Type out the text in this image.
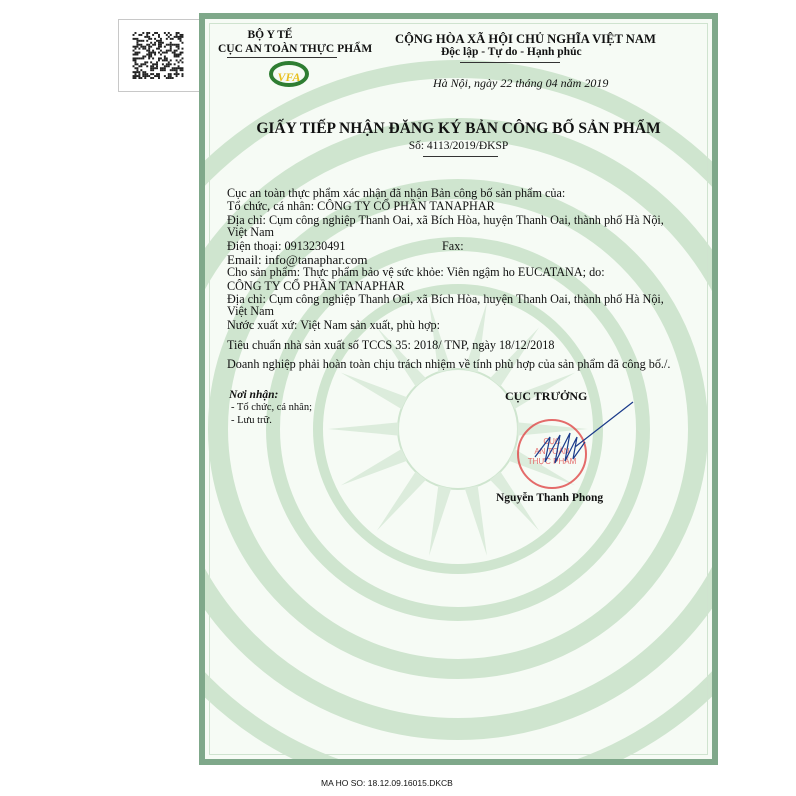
BỘ Y TẾ
CỤC AN TOÀN THỰC PHẨM
VFA
CỘNG HÒA XÃ HỘI CHỦ NGHĨA VIỆT NAM
Độc lập - Tự do - Hạnh phúc
Hà Nội, ngày 22 tháng 04 năm 2019
GIẤY TIẾP NHẬN ĐĂNG KÝ BẢN CÔNG BỐ SẢN PHẨM
Số: 4113/2019/ĐKSP
Cục an toàn thực phẩm xác nhận đã nhận Bản công bố sản phẩm của:
Tổ chức, cá nhân: CÔNG TY CỔ PHẦN TANAPHAR
Địa chỉ: Cụm công nghiệp Thanh Oai, xã Bích Hòa, huyện Thanh Oai, thành phố Hà Nội,
Việt Nam
Điện thoại: 0913230491	Fax:
Email: info@tanaphar.com
Cho sản phẩm: Thực phẩm bảo vệ sức khỏe: Viên ngậm ho EUCATANA; do:
CÔNG TY CỔ PHẦN TANAPHAR
Địa chỉ: Cụm công nghiệp Thanh Oai, xã Bích Hòa, huyện Thanh Oai, thành phố Hà Nội,
Việt Nam
Nước xuất xứ: Việt Nam sản xuất, phù hợp:
Tiêu chuẩn nhà sản xuất số TCCS 35: 2018/ TNP, ngày 18/12/2018
Doanh nghiệp phải hoàn toàn chịu trách nhiệm về tính phù hợp của sản phẩm đã công bố./.
Nơi nhận:
- Tổ chức, cá nhân;
- Lưu trữ.
CỤC TRƯỞNG
CỤC
AN TOÀN
THỰC PHẨM
Nguyễn Thanh Phong
MA HO SO: 18.12.09.16015.DKCB
